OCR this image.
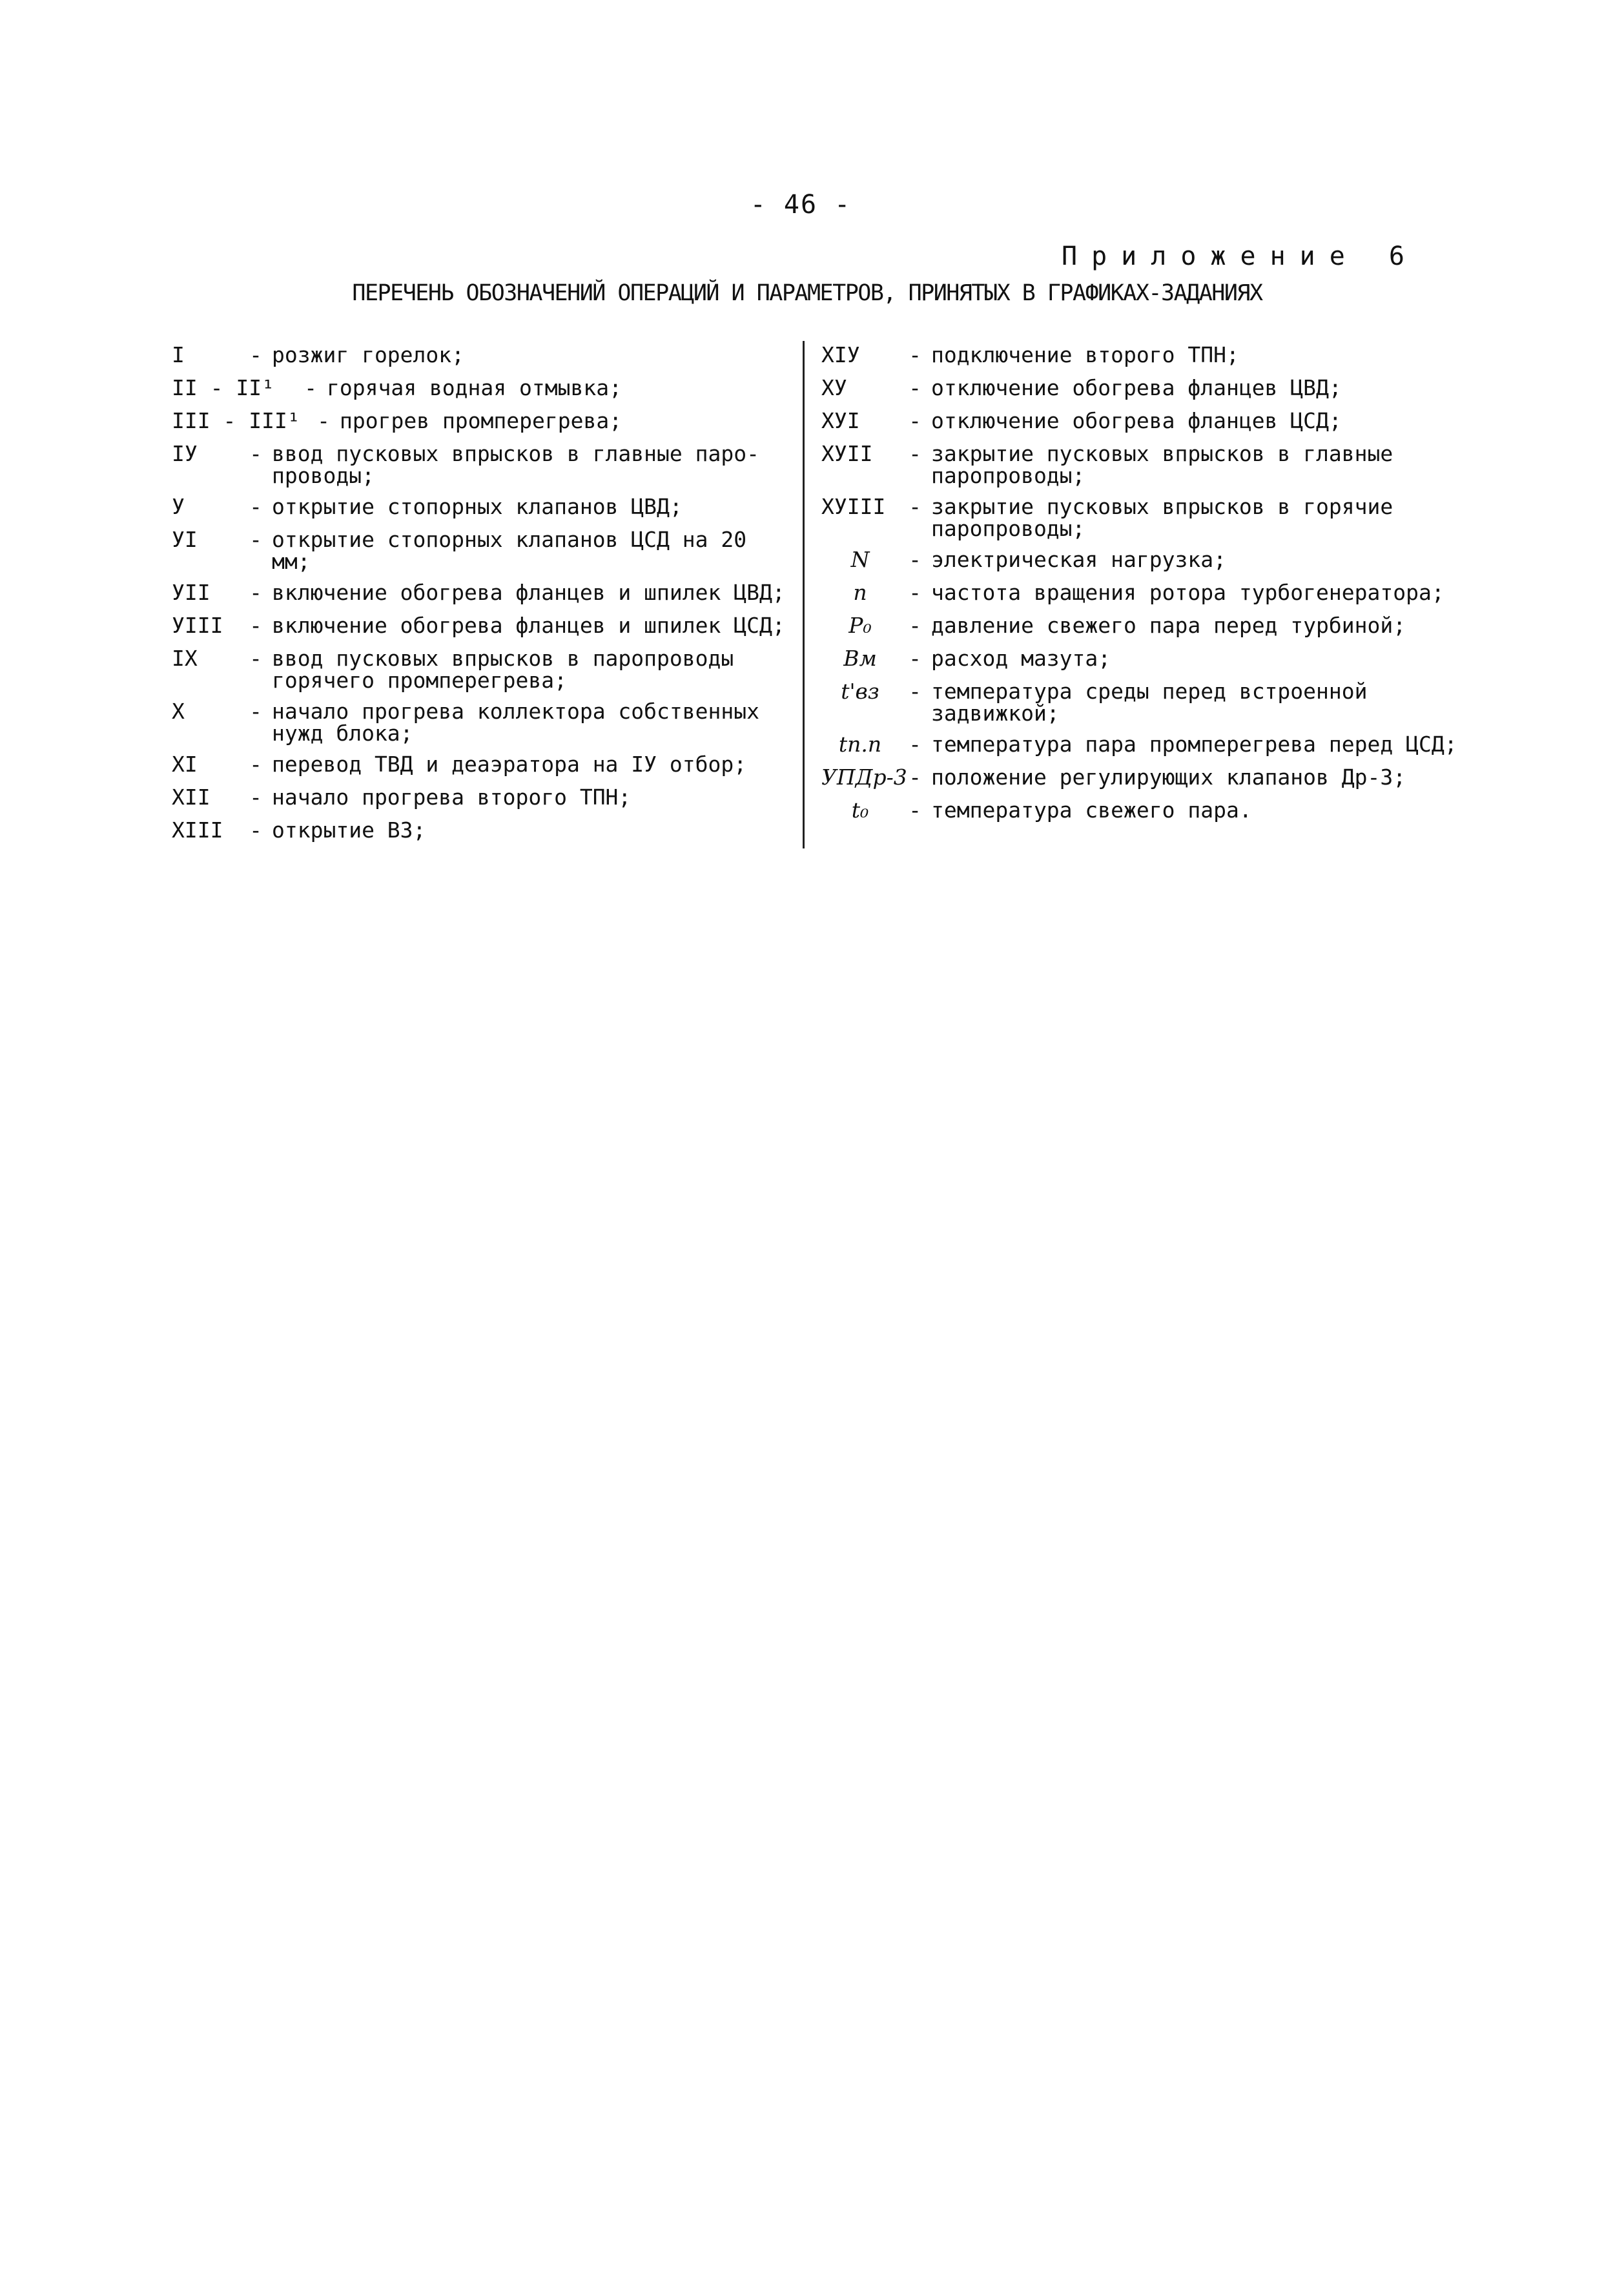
- 46 -
Приложение 6
ПЕРЕЧЕНЬ ОБОЗНАЧЕНИЙ ОПЕРАЦИЙ И ПАРАМЕТРОВ, ПРИНЯТЫХ В ГРАФИКАХ-ЗАДАНИЯХ
I	- розжиг горелок;
II - II¹	- горячая водная отмывка;
III - III¹ - прогрев промперегрева;
IУ	- ввод пусковых впрысков в главные паро-проводы;
У	- открытие стопорных клапанов ЦВД;
УI	- открытие стопорных клапанов ЦСД на 20 мм;
УII	- включение обогрева фланцев и шпилек ЦВД;
УIII	- включение обогрева фланцев и шпилек ЦСД;
IX	- ввод пусковых впрысков в паропроводы горячего промперегрева;
X	- начало прогрева коллектора собственных нужд блока;
XI	- перевод ТВД и деаэратора на IУ отбор;
XII	- начало прогрева второго ТПН;
XIII	- открытие ВЗ;
XIУ	- подключение второго ТПН;
XУ	- отключение обогрева фланцев ЦВД;
XУI	- отключение обогрева фланцев ЦСД;
XУII	- закрытие пусковых впрысков в главные паропроводы;
XУIII	- закрытие пусковых впрысков в горячие паропроводы;
N	- электрическая нагрузка;
n	- частота вращения ротора турбогенератора;
P₀	- давление свежего пара перед турбиной;
Bм	- расход мазута;
t'вз	- температура среды перед встроенной задвижкой;
tп.п	- температура пара промперегрева перед ЦСД;
УПДр-3 - положение регулирующих клапанов Др-3;
t₀	- температура свежего пара.
